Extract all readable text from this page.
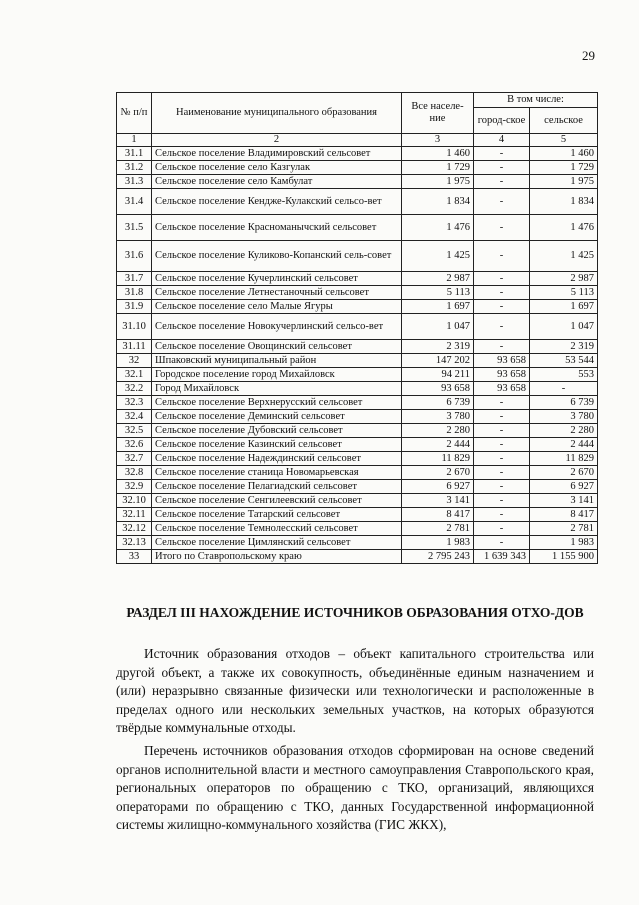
29
№ п/п	Наименование муниципального образования	Все населе-ние	В том числе:	
			город-ское	сельское
1	2	3	4	5
31.1	Сельское поселение Владимировский сельсовет	1 460	-	1 460
31.2	Сельское поселение село Казгулак	1 729	-	1 729
31.3	Сельское поселение село Камбулат	1 975	-	1 975
31.4	Сельское поселение Кендже-Кулакский сельсо-вет	1 834	-	1 834
31.5	Сельское поселение Красноманычский сельсовет	1 476	-	1 476
31.6	Сельское поселение Куликово-Копанский сель-совет	1 425	-	1 425
31.7	Сельское поселение Кучерлинский сельсовет	2 987	-	2 987
31.8	Сельское поселение Летнестаночный сельсовет	5 113	-	5 113
31.9	Сельское поселение село Малые Ягуры	1 697	-	1 697
31.10	Сельское поселение Новокучерлинский сельсо-вет	1 047	-	1 047
31.11	Сельское поселение Овощинский сельсовет	2 319	-	2 319
32	Шпаковский муниципальный район	147 202	93 658	53 544
32.1	Городское поселение город Михайловск	94 211	93 658	553
32.2	Город Михайловск	93 658	93 658	-
32.3	Сельское поселение Верхнерусский сельсовет	6 739	-	6 739
32.4	Сельское поселение Деминский сельсовет	3 780	-	3 780
32.5	Сельское поселение Дубовский сельсовет	2 280	-	2 280
32.6	Сельское поселение Казинский сельсовет	2 444	-	2 444
32.7	Сельское поселение Надеждинский сельсовет	11 829	-	11 829
32.8	Сельское поселение станица Новомарьевская	2 670	-	2 670
32.9	Сельское поселение Пелагиадский сельсовет	6 927	-	6 927
32.10	Сельское поселение Сенгилеевский сельсовет	3 141	-	3 141
32.11	Сельское поселение Татарский сельсовет	8 417	-	8 417
32.12	Сельское поселение Темнолесский сельсовет	2 781	-	2 781
32.13	Сельское поселение Цимлянский сельсовет	1 983	-	1 983
33	Итого по Ставропольскому краю	2 795 243	1 639 343	1 155 900
РАЗДЕЛ III НАХОЖДЕНИЕ ИСТОЧНИКОВ ОБРАЗОВАНИЯ ОТХО-ДОВ

Источник образования отходов – объект капитального строительства или другой объект, а также их совокупность, объединённые единым назначением и (или) неразрывно связанные физически или технологически и расположенные в пределах одного или нескольких земельных участков, на которых образуются твёрдые коммунальные отходы.

Перечень источников образования отходов сформирован на основе сведений органов исполнительной власти и местного самоуправления Ставропольского края, региональных операторов по обращению с ТКО, организаций, являющихся операторами по обращению с ТКО, данных Государственной информационной системы жилищно-коммунального хозяйства (ГИС ЖКХ),
